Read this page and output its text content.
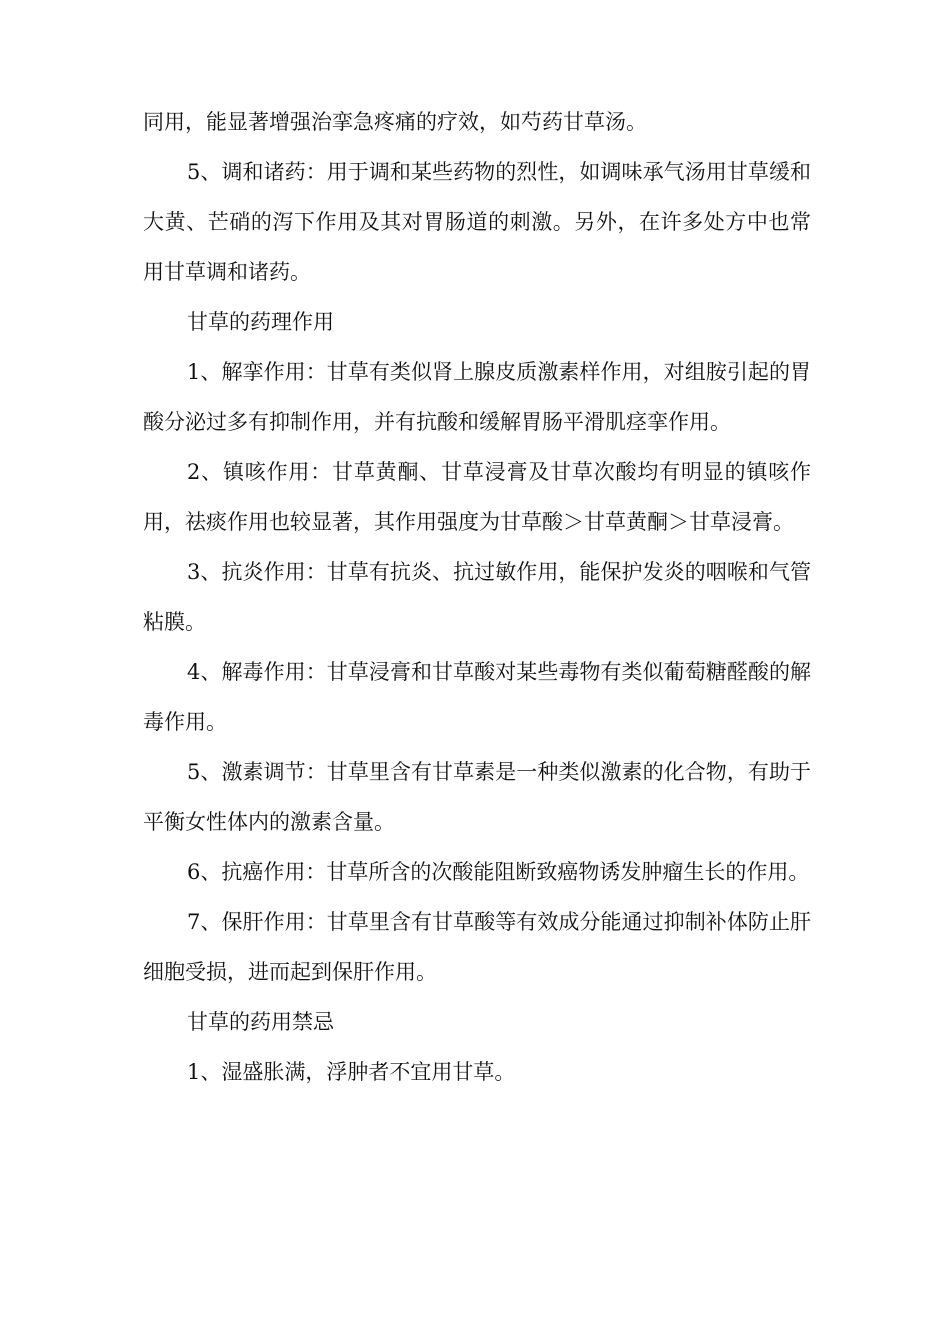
同用，能显著增强治挛急疼痛的疗效，如芍药甘草汤。

5、调和诸药：用于调和某些药物的烈性，如调味承气汤用甘草缓和大黄、芒硝的泻下作用及其对胃肠道的刺激。另外，在许多处方中也常用甘草调和诸药。

甘草的药理作用

1、解挛作用：甘草有类似肾上腺皮质激素样作用，对组胺引起的胃酸分泌过多有抑制作用，并有抗酸和缓解胃肠平滑肌痉挛作用。

2、镇咳作用：甘草黄酮、甘草浸膏及甘草次酸均有明显的镇咳作用，祛痰作用也较显著，其作用强度为甘草酸＞甘草黄酮＞甘草浸膏。

3、抗炎作用：甘草有抗炎、抗过敏作用，能保护发炎的咽喉和气管粘膜。

4、解毒作用：甘草浸膏和甘草酸对某些毒物有类似葡萄糖醛酸的解毒作用。

5、激素调节：甘草里含有甘草素是一种类似激素的化合物，有助于平衡女性体内的激素含量。

6、抗癌作用：甘草所含的次酸能阻断致癌物诱发肿瘤生长的作用。

7、保肝作用：甘草里含有甘草酸等有效成分能通过抑制补体防止肝细胞受损，进而起到保肝作用。

甘草的药用禁忌

1、湿盛胀满，浮肿者不宜用甘草。
